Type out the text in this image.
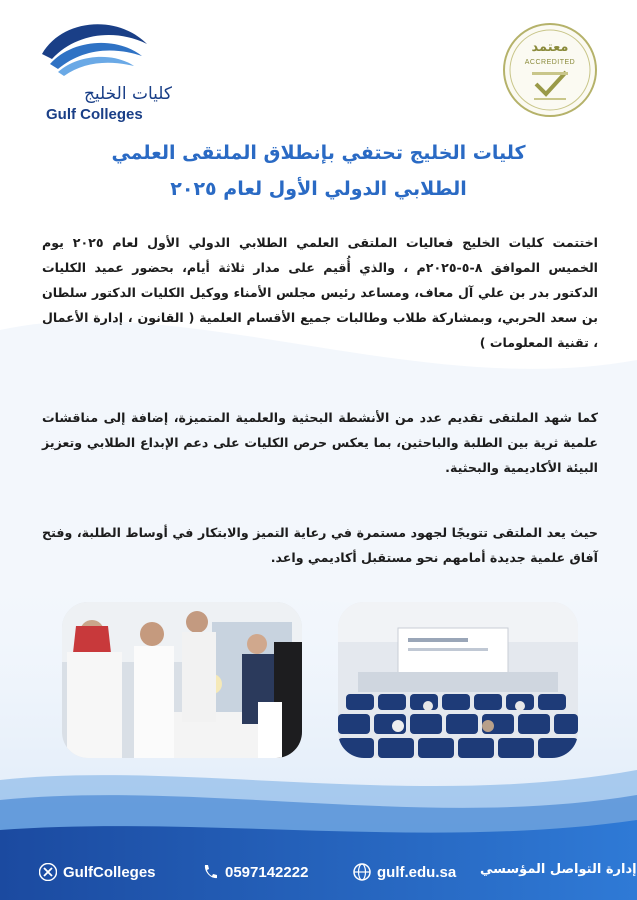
كليات الخليج
Gulf Colleges
معتمد
ACCREDITED
كليات الخليج تحتفي بإنطلاق الملتقى العلمي
الطلابي الدولي الأول لعام ٢٠٢٥
اختتمت كليات الخليج فعاليات الملتقى العلمي الطلابي الدولي الأول لعام ٢٠٢٥ يوم الخميس الموافق ٨-٥-٢٠٢٥م ، والذي أُقيم على مدار ثلاثة أيام، بحضور عميد الكليات الدكتور بدر بن علي آل معاف، ومساعد رئيس مجلس الأمناء ووكيل الكليات الدكتور سلطان بن سعد الحربي، وبمشاركة طلاب وطالبات جميع الأقسام العلمية ( القانون ، إدارة الأعمال ، تقنية المعلومات )
كما شهد الملتقى تقديم عدد من الأنشطة البحثية والعلمية المتميزة، إضافة إلى مناقشات علمية ثرية بين الطلبة والباحثين، بما يعكس حرص الكليات على دعم الإبداع الطلابي وتعزيز البيئة الأكاديمية والبحثية.
حيث يعد الملتقى تتويجًا لجهود مستمرة في رعاية التميز والابتكار في أوساط الطلبة، وفتح آفاق علمية جديدة أمامهم نحو مستقبل أكاديمي واعد.
GulfColleges	0597142222	gulf.edu.sa إدارة التواصل المؤسسي
